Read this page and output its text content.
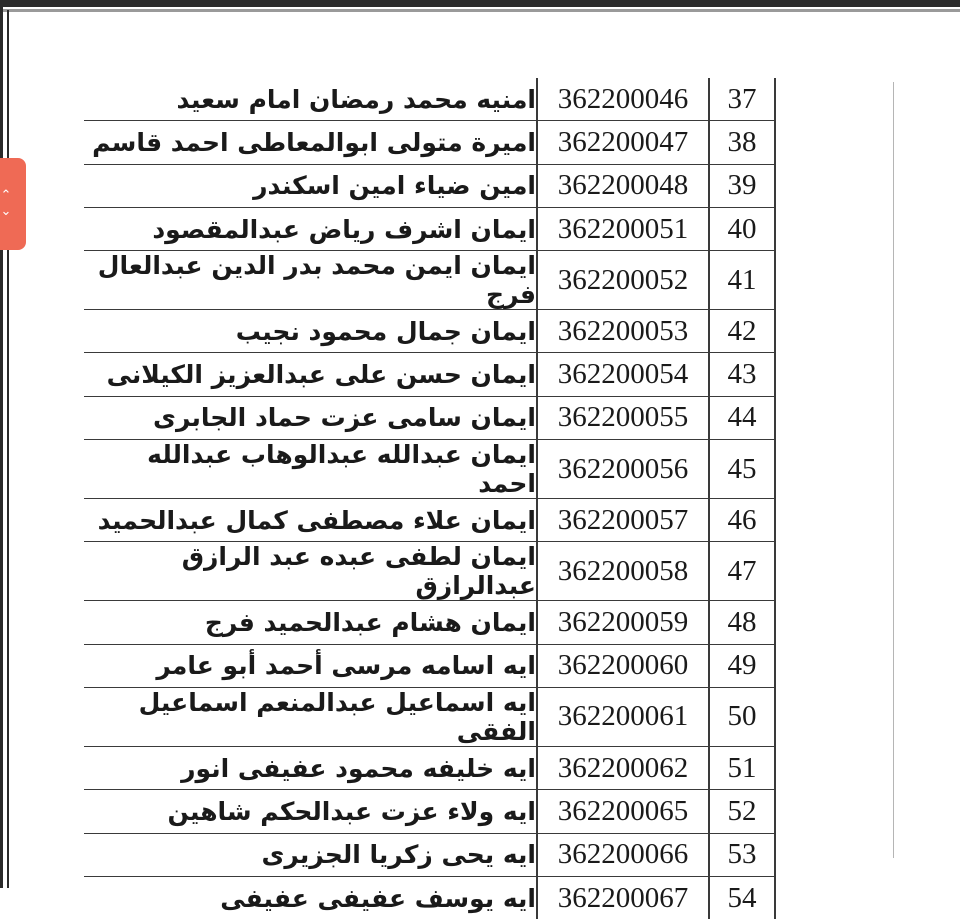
⌃
⌄
امنيه محمد رمضان امام سعيد	362200046	37
اميرة متولى ابوالمعاطى احمد قاسم	362200047	38
امين ضياء امين اسكندر	362200048	39
ايمان اشرف رياض عبدالمقصود	362200051	40
ايمان ايمن محمد بدر الدين عبدالعال فرج	362200052	41
ايمان جمال محمود نجيب	362200053	42
ايمان حسن على عبدالعزيز الكيلانى	362200054	43
ايمان سامى عزت حماد الجابرى	362200055	44
ايمان عبدالله عبدالوهاب عبدالله احمد	362200056	45
ايمان علاء مصطفى كمال عبدالحميد	362200057	46
ايمان لطفى عبده عبد الرازق عبدالرازق	362200058	47
ايمان هشام عبدالحميد فرج	362200059	48
ايه اسامه مرسى أحمد أبو عامر	362200060	49
ايه اسماعيل عبدالمنعم اسماعيل الفقى	362200061	50
ايه خليفه محمود عفيفى انور	362200062	51
ايه ولاء عزت عبدالحكم شاهين	362200065	52
ايه يحى زكريا الجزيرى	362200066	53
ايه يوسف عفيفى عفيفى	362200067	54
